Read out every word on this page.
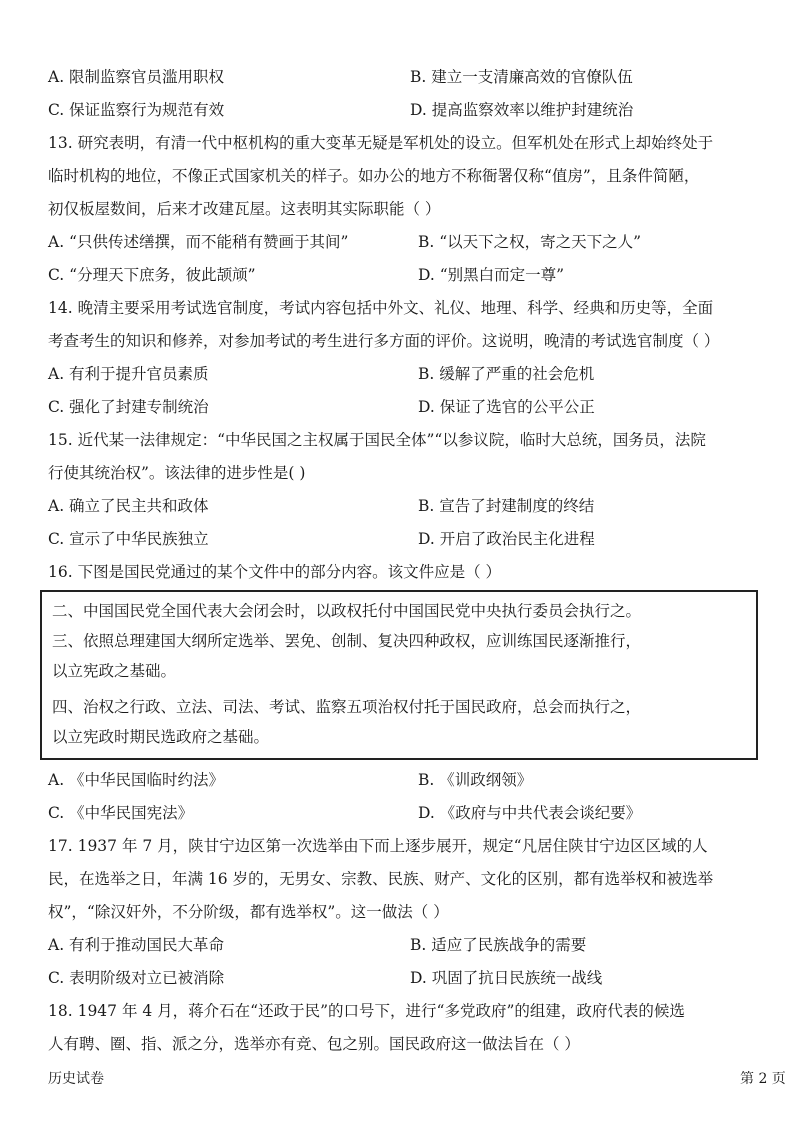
A. 限制监察官员滥用职权	B. 建立一支清廉高效的官僚队伍
C. 保证监察行为规范有效	D. 提高监察效率以维护封建统治
13. 研究表明，有清一代中枢机构的重大变革无疑是军机处的设立。但军机处在形式上却始终处于
临时机构的地位，不像正式国家机关的样子。如办公的地方不称衙署仅称“值房”，且条件简陋，
初仅板屋数间，后来才改建瓦屋。这表明其实际职能（ ）
A. “只供传述缮撰，而不能稍有赞画于其间”	B. “以天下之权，寄之天下之人”
C. “分理天下庶务，彼此颉颃”	D. “别黑白而定一尊”
14. 晚清主要采用考试选官制度，考试内容包括中外文、礼仪、地理、科学、经典和历史等，全面
考查考生的知识和修养，对参加考试的考生进行多方面的评价。这说明，晚清的考试选官制度（ ）
A. 有利于提升官员素质	B. 缓解了严重的社会危机
C. 强化了封建专制统治	D. 保证了选官的公平公正
15. 近代某一法律规定：“中华民国之主权属于国民全体”“以参议院，临时大总统，国务员，法院
行使其统治权”。该法律的进步性是( )
A. 确立了民主共和政体	B. 宣告了封建制度的终结
C. 宣示了中华民族独立	D. 开启了政治民主化进程
16. 下图是国民党通过的某个文件中的部分内容。该文件应是（ ）
二、中国国民党全国代表大会闭会时，以政权托付中国国民党中央执行委员会执行之。
三、依照总理建国大纲所定选举、罢免、创制、复决四种政权，应训练国民逐渐推行，
以立宪政之基础。
四、治权之行政、立法、司法、考试、监察五项治权付托于国民政府，总会而执行之，
以立宪政时期民选政府之基础。
A. 《中华民国临时约法》	B. 《训政纲领》
C. 《中华民国宪法》	D. 《政府与中共代表会谈纪要》
17. 1937 年 7 月，陕甘宁边区第一次选举由下而上逐步展开，规定“凡居住陕甘宁边区区域的人
民，在选举之日，年满 16 岁的，无男女、宗教、民族、财产、文化的区别，都有选举权和被选举
权”，“除汉奸外，不分阶级，都有选举权”。这一做法（ ）
A. 有利于推动国民大革命	B. 适应了民族战争的需要
C. 表明阶级对立已被消除	D. 巩固了抗日民族统一战线
18. 1947 年 4 月，蒋介石在“还政于民”的口号下，进行“多党政府”的组建，政府代表的候选
人有聘、圈、指、派之分，选举亦有竞、包之别。国民政府这一做法旨在（ ）
历史试卷	第 2 页
